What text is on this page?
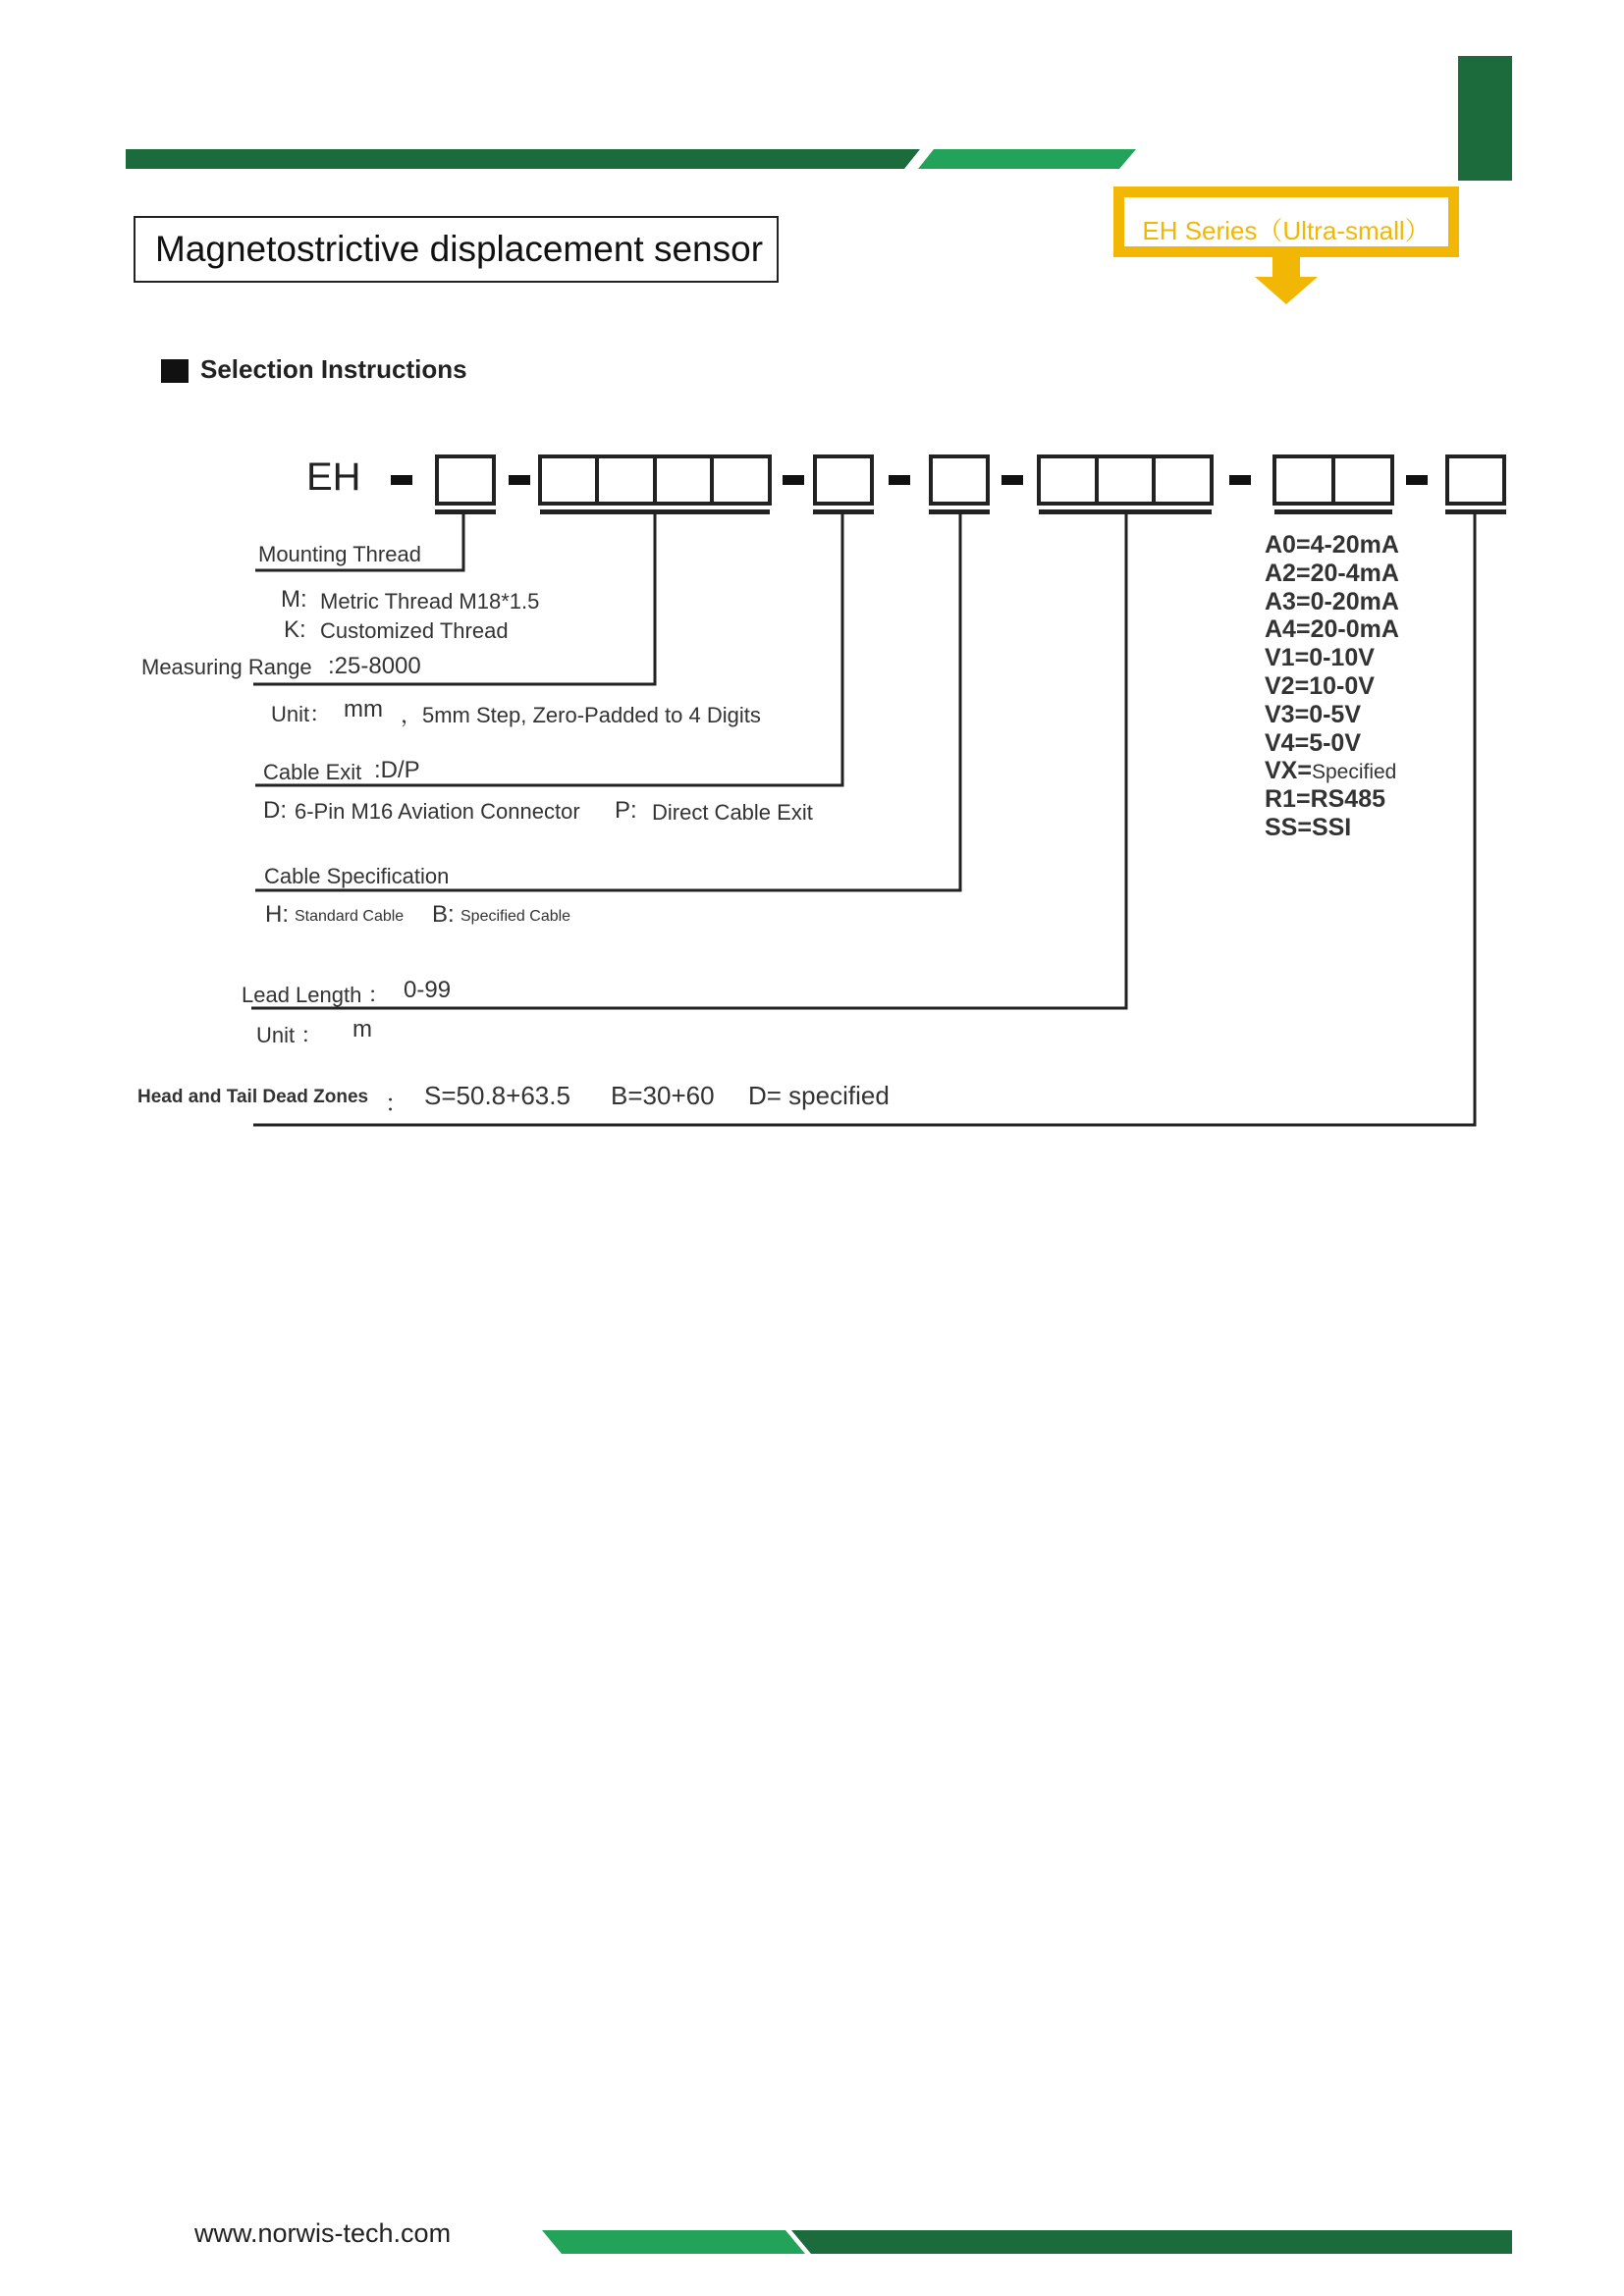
Magnetostrictive displacement sensor	EH Series（Ultra-small）
Selection Instructions
EH
Mounting Thread
M: Metric Thread M18*1.5
K: Customized Thread
Measuring Range :25-8000
Unit： mm ，5mm Step, Zero-Padded to 4 Digits
Cable Exit :D/P
D: 6-Pin M16 Aviation Connector P: Direct Cable Exit
Cable Specification
H: Standard Cable B: Specified Cable
Lead Length ： 0-99
Unit ： m
Head and Tail Dead Zones ： S=50.8+63.5 B=30+60 D= specified
A0=4-20mA
A2=20-4mA
A3=0-20mA
A4=20-0mA
V1=0-10V
V2=10-0V
V3=0-5V
V4=5-0V
VX=Specified
R1=RS485
SS=SSI
www.norwis-tech.com
